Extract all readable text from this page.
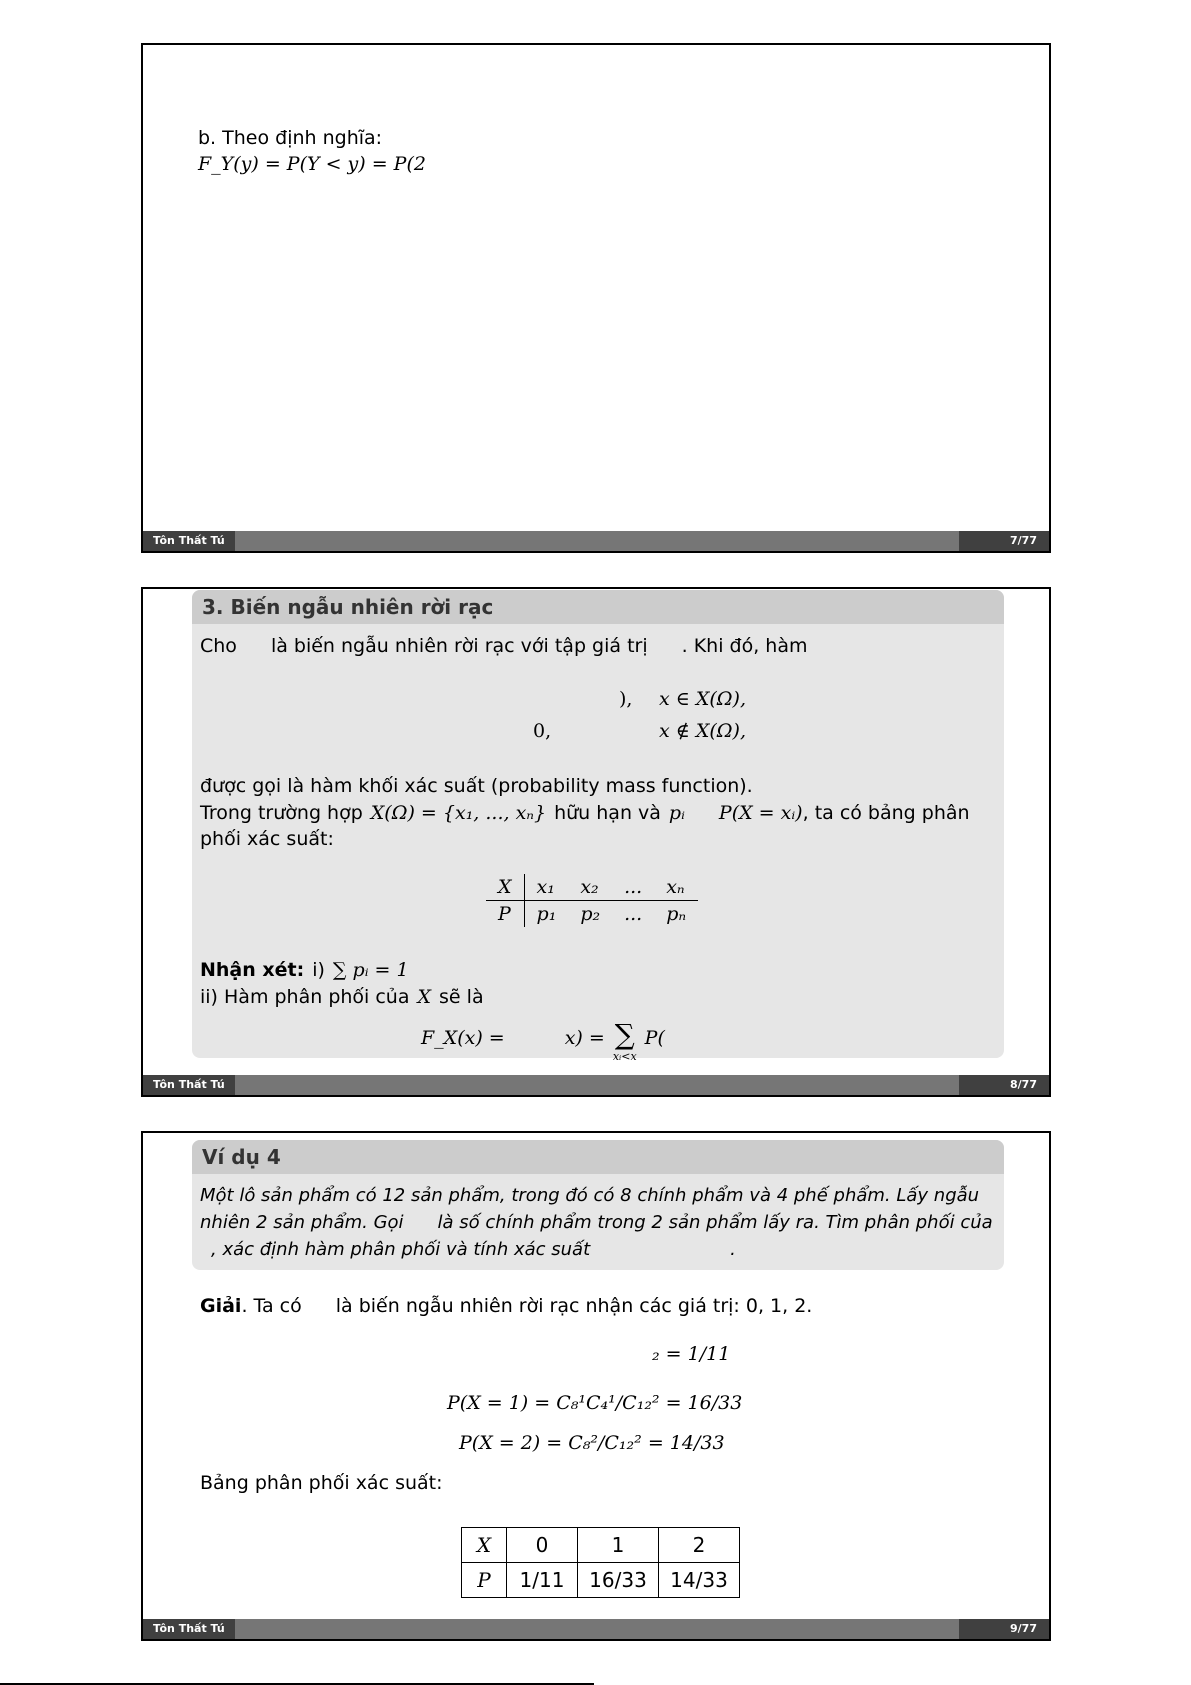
b. Theo định nghĩa:
F_Y(y) = P(Y < y) = P(2
Tôn Thất Tú	7/77
3. Biến ngẫu nhiên rời rạc
Cho là biến ngẫu nhiên rời rạc với tập giá trị . Khi đó, hàm
), x ∈ X(Ω),
0,	x ∉ X(Ω),
được gọi là hàm khối xác suất (probability mass function).
Trong trường hợp X(Ω) = {x₁, ..., xₙ} hữu hạn và pᵢ P(X = xᵢ), ta có bảng phân
phối xác suất:
X	x₁	x₂	...	xₙ
P	p₁	p₂	...	pₙ
Nhận xét: i) ∑ pᵢ = 1
ii) Hàm phân phối của X sẽ là
F_X(x) =	x) = ∑
xᵢ<x
P(
Tôn Thất Tú	8/77
Ví dụ 4
Một lô sản phẩm có 12 sản phẩm, trong đó có 8 chính phẩm và 4 phế phẩm. Lấy ngẫu
nhiên 2 sản phẩm. Gọi là số chính phẩm trong 2 sản phẩm lấy ra. Tìm phân phối của
, xác định hàm phân phối và tính xác suất	.
Giải. Ta có là biến ngẫu nhiên rời rạc nhận các giá trị: 0, 1, 2.
₂ = 1/11
P(X = 1) = C₈¹C₄¹/C₁₂² = 16/33
P(X = 2) = C₈²/C₁₂² = 14/33
Bảng phân phối xác suất:
X	0	1	2
P	1/11	16/33	14/33
Tôn Thất Tú	9/77
